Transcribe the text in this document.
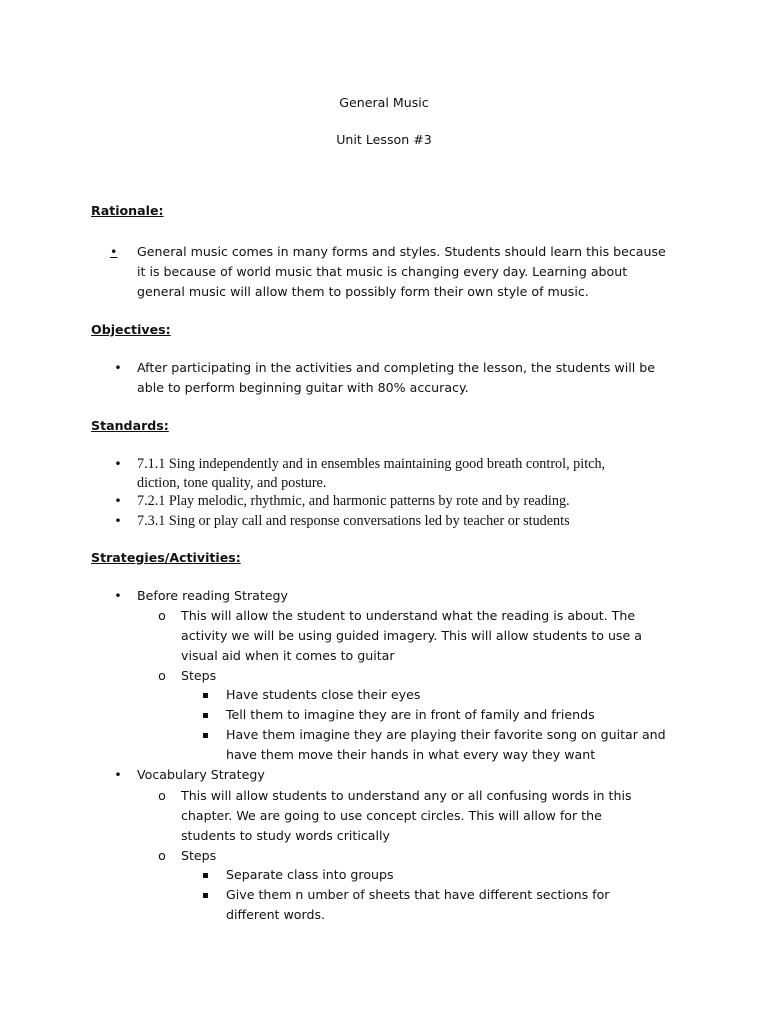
General Music
Unit Lesson #3
Rationale:
•	General music comes in many forms and styles. Students should learn this because
it is because of world music that music is changing every day. Learning about
general music will allow them to possibly form their own style of music.
Objectives:
•	After participating in the activities and completing the lesson, the students will be
able to perform beginning guitar with 80% accuracy.
Standards:
•	7.1.1 Sing independently and in ensembles maintaining good breath control, pitch,
diction, tone quality, and posture.
•	7.2.1 Play melodic, rhythmic, and harmonic patterns by rote and by reading.
•	7.3.1 Sing or play call and response conversations led by teacher or students
Strategies/Activities:
•	Before reading Strategy
o	This will allow the student to understand what the reading is about. The
activity we will be using guided imagery. This will allow students to use a
visual aid when it comes to guitar
o	Steps
Have students close their eyes
Tell them to imagine they are in front of family and friends
Have them imagine they are playing their favorite song on guitar and
have them move their hands in what every way they want
•	Vocabulary Strategy
o	This will allow students to understand any or all confusing words in this
chapter. We are going to use concept circles. This will allow for the
students to study words critically
o	Steps
Separate class into groups
Give them n umber of sheets that have different sections for
different words.
